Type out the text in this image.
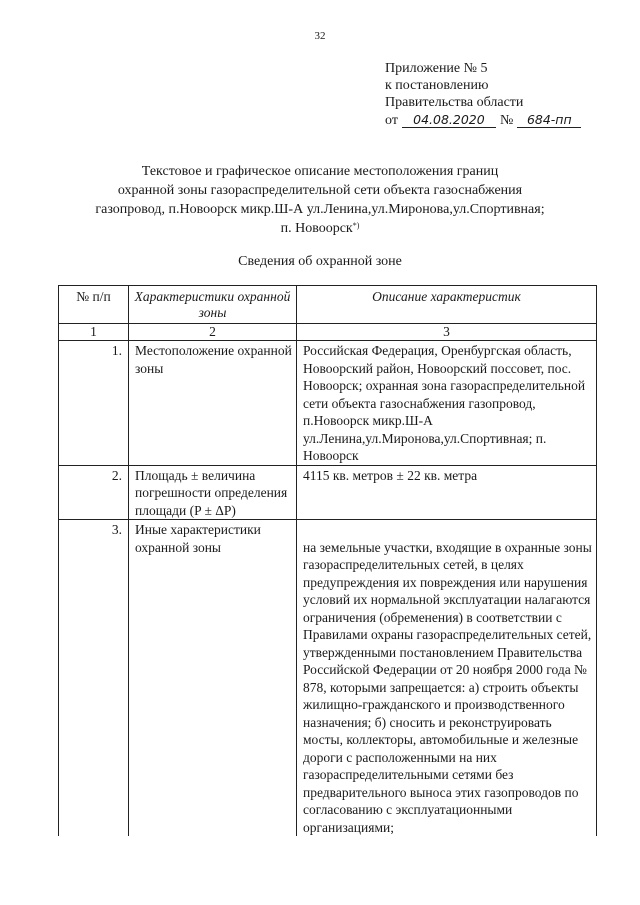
32
Приложение № 5
к постановлению
Правительства области
от 04.08.2020 № 684-пп
Текстовое и графическое описание местоположения границ
охранной зоны газораспределительной сети объекта газоснабжения
газопровод, п.Новоорск микр.Ш-А ул.Ленина,ул.Миронова,ул.Спортивная;
п. Новоорск*)
Сведения об охранной зоне
№ п/п	Характеристики охранной зоны	Описание характеристик
1	2	3
1.	Местоположение охранной зоны	Российская Федерация, Оренбургская область, Новоорский район, Новоорский поссовет, пос. Новоорск; охранная зона газораспределительной сети объекта газоснабжения газопровод, п.Новоорск микр.Ш-А ул.Ленина,ул.Миронова,ул.Спортивная; п. Новоорск
2.	Площадь ± величина погрешности определения площади (P ± ΔP)	4115 кв. метров ± 22 кв. метра
3.	Иные характеристики охранной зоны	на земельные участки, входящие в охранные зоны газораспределительных сетей, в целях предупреждения их повреждения или нарушения условий их нормальной эксплуатации налагаются ограничения (обременения) в соответствии с Правилами охраны газораспределительных сетей, утвержденными постановлением Правительства Российской Федерации от 20 ноября 2000 года № 878, которыми запрещается: а) строить объекты жилищно-гражданского и производственного назначения; б) сносить и реконструировать мосты, коллекторы, автомобильные и железные дороги с расположенными на них газораспределительными сетями без предварительного выноса этих газопроводов по согласованию с эксплуатационными организациями;
